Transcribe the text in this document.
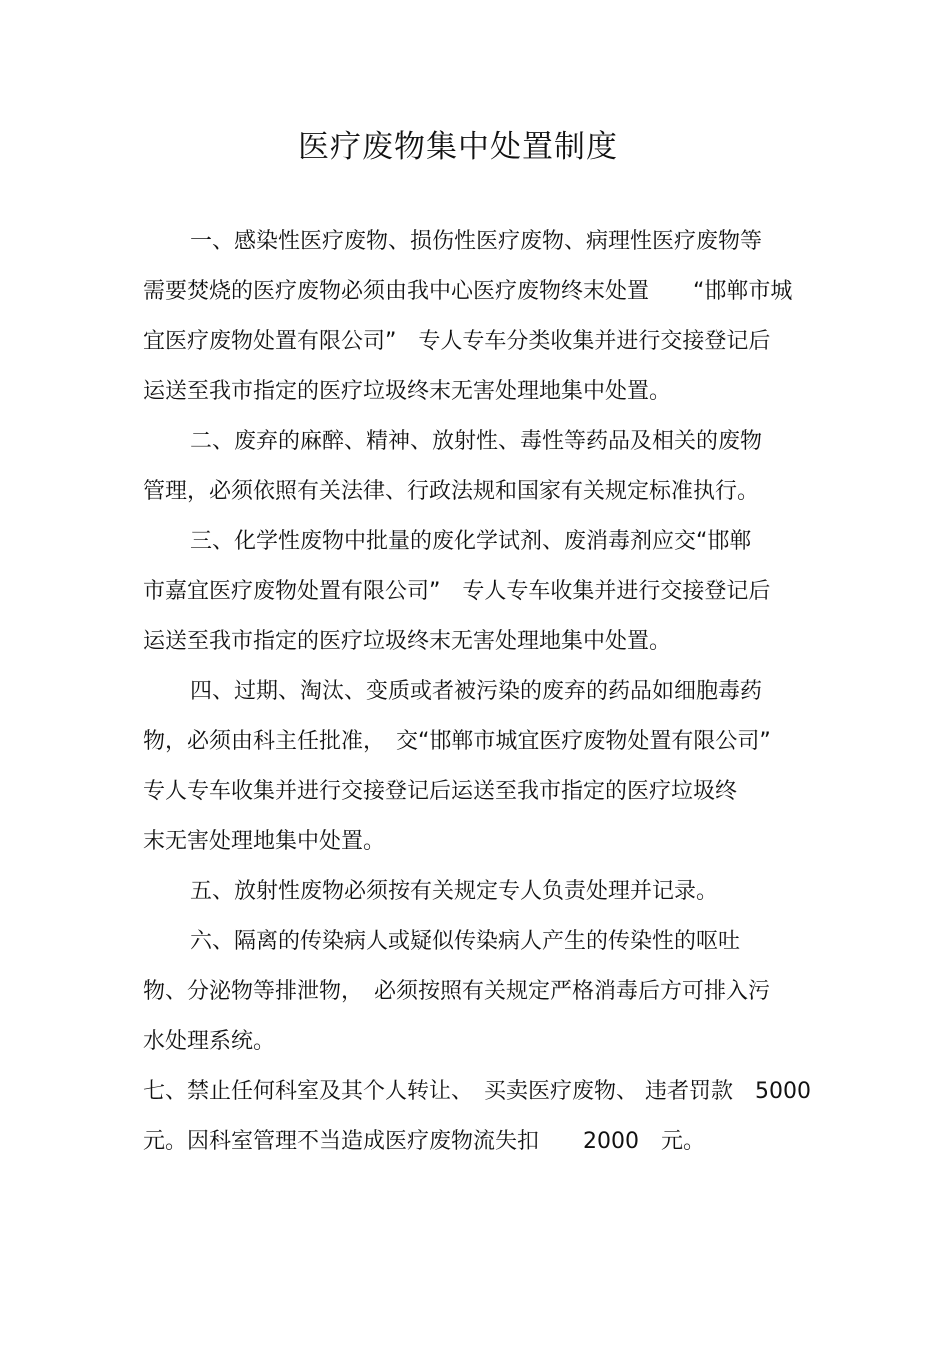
医疗废物集中处置制度
一、感染性医疗废物、损伤性医疗废物、病理性医疗废物等
需要焚烧的医疗废物必须由我中心医疗废物终末处置　　“邯郸市城
宜医疗废物处置有限公司”　专人专车分类收集并进行交接登记后
运送至我市指定的医疗垃圾终末无害处理地集中处置。
二、废弃的麻醉、精神、放射性、毒性等药品及相关的废物
管理，必须依照有关法律、行政法规和国家有关规定标准执行。
三、化学性废物中批量的废化学试剂、废消毒剂应交“邯郸
市嘉宜医疗废物处置有限公司”　专人专车收集并进行交接登记后
运送至我市指定的医疗垃圾终末无害处理地集中处置。
四、过期、淘汰、变质或者被污染的废弃的药品如细胞毒药
物，必须由科主任批准，　交“邯郸市城宜医疗废物处置有限公司”
专人专车收集并进行交接登记后运送至我市指定的医疗垃圾终
末无害处理地集中处置。
五、放射性废物必须按有关规定专人负责处理并记录。
六、隔离的传染病人或疑似传染病人产生的传染性的呕吐
物、分泌物等排泄物，　必须按照有关规定严格消毒后方可排入污
水处理系统。
七、禁止任何科室及其个人转让、　买卖医疗废物、 违者罚款　5000
元。因科室管理不当造成医疗废物流失扣　　2000　元。
